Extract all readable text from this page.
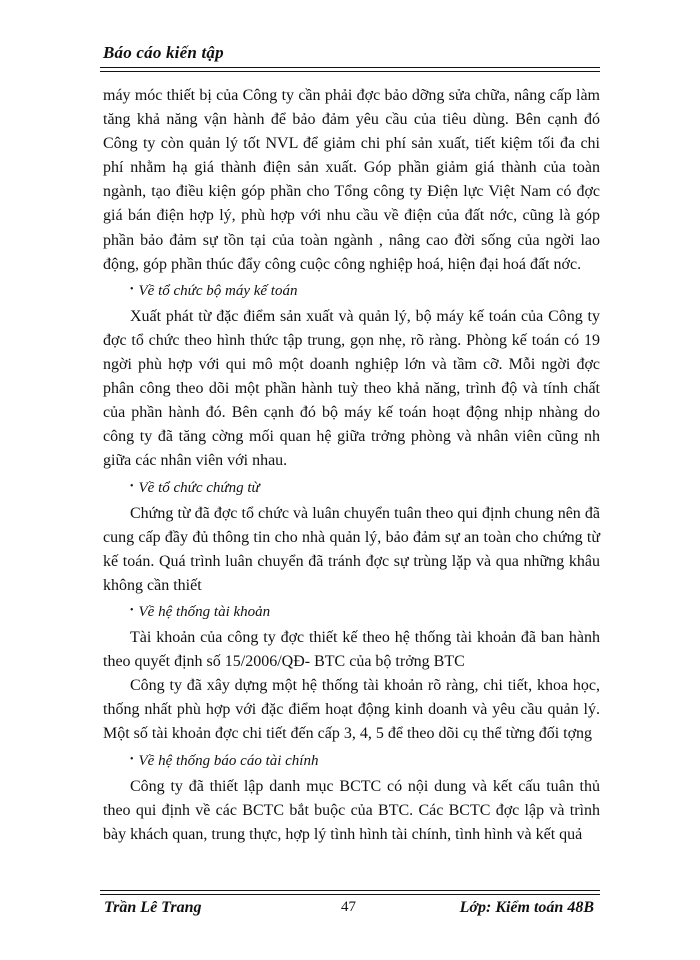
Báo cáo kiến tập

máy móc thiết bị của Công ty cần phải đợc bảo dỡng sửa chữa, nâng cấp làm tăng khả năng vận hành để bảo đảm yêu cầu của tiêu dùng. Bên cạnh đó Công ty còn quản lý tốt NVL để giảm chi phí sản xuất, tiết kiệm tối đa chi phí nhằm hạ giá thành điện sản xuất. Góp phần giảm giá thành của toàn ngành, tạo điều kiện góp phần cho Tổng công ty Điện lực Việt Nam có đợc giá bán điện hợp lý, phù hợp với nhu cầu về điện của đất nớc, cũng là góp phần bảo đảm sự tồn tại của toàn ngành , nâng cao đời sống của ngời lao động, góp phần thúc đẩy công cuộc công nghiệp hoá, hiện đại hoá đất nớc.

• Về tổ chức bộ máy kế toán

Xuất phát từ đặc điểm sản xuất và quản lý, bộ máy kế toán của Công ty đợc tổ chức theo hình thức tập trung, gọn nhẹ, rõ ràng. Phòng kế toán có 19 ngời phù hợp với qui mô một doanh nghiệp lớn và tầm cỡ. Mỗi ngời đợc phân công theo dõi một phần hành tuỳ theo khả năng, trình độ và tính chất của phần hành đó. Bên cạnh đó bộ máy kế toán hoạt động nhịp nhàng do công ty đã tăng cờng mối quan hệ giữa trởng phòng và nhân viên cũng nh giữa các nhân viên với nhau.

• Về tổ chức chứng từ

Chứng từ đã đợc tổ chức và luân chuyển tuân theo qui định chung nên đã cung cấp đầy đủ thông tin cho nhà quản lý, bảo đảm sự an toàn cho chứng từ kế toán. Quá trình luân chuyển đã tránh đợc sự trùng lặp và qua những khâu không cần thiết

• Về hệ thống tài khoản

Tài khoản của công ty đợc thiết kế theo hệ thống tài khoản đã ban hành theo quyết định số 15/2006/QĐ- BTC của bộ trởng BTC

Công ty đã xây dựng một hệ thống tài khoản rõ ràng, chi tiết, khoa học, thống nhất phù hợp với đặc điểm hoạt động kinh doanh và yêu cầu quản lý. Một số tài khoản đợc chi tiết đến cấp 3, 4, 5 để theo dõi cụ thể từng đối tợng

• Về hệ thống báo cáo tài chính

Công ty đã thiết lập danh mục BCTC có nội dung và kết cấu tuân thủ theo qui định về các BCTC bắt buộc của BTC. Các BCTC đợc lập và trình bày khách quan, trung thực, hợp lý tình hình tài chính, tình hình và kết quả

Trần Lê Trang	47	Lớp: Kiểm toán 48B
